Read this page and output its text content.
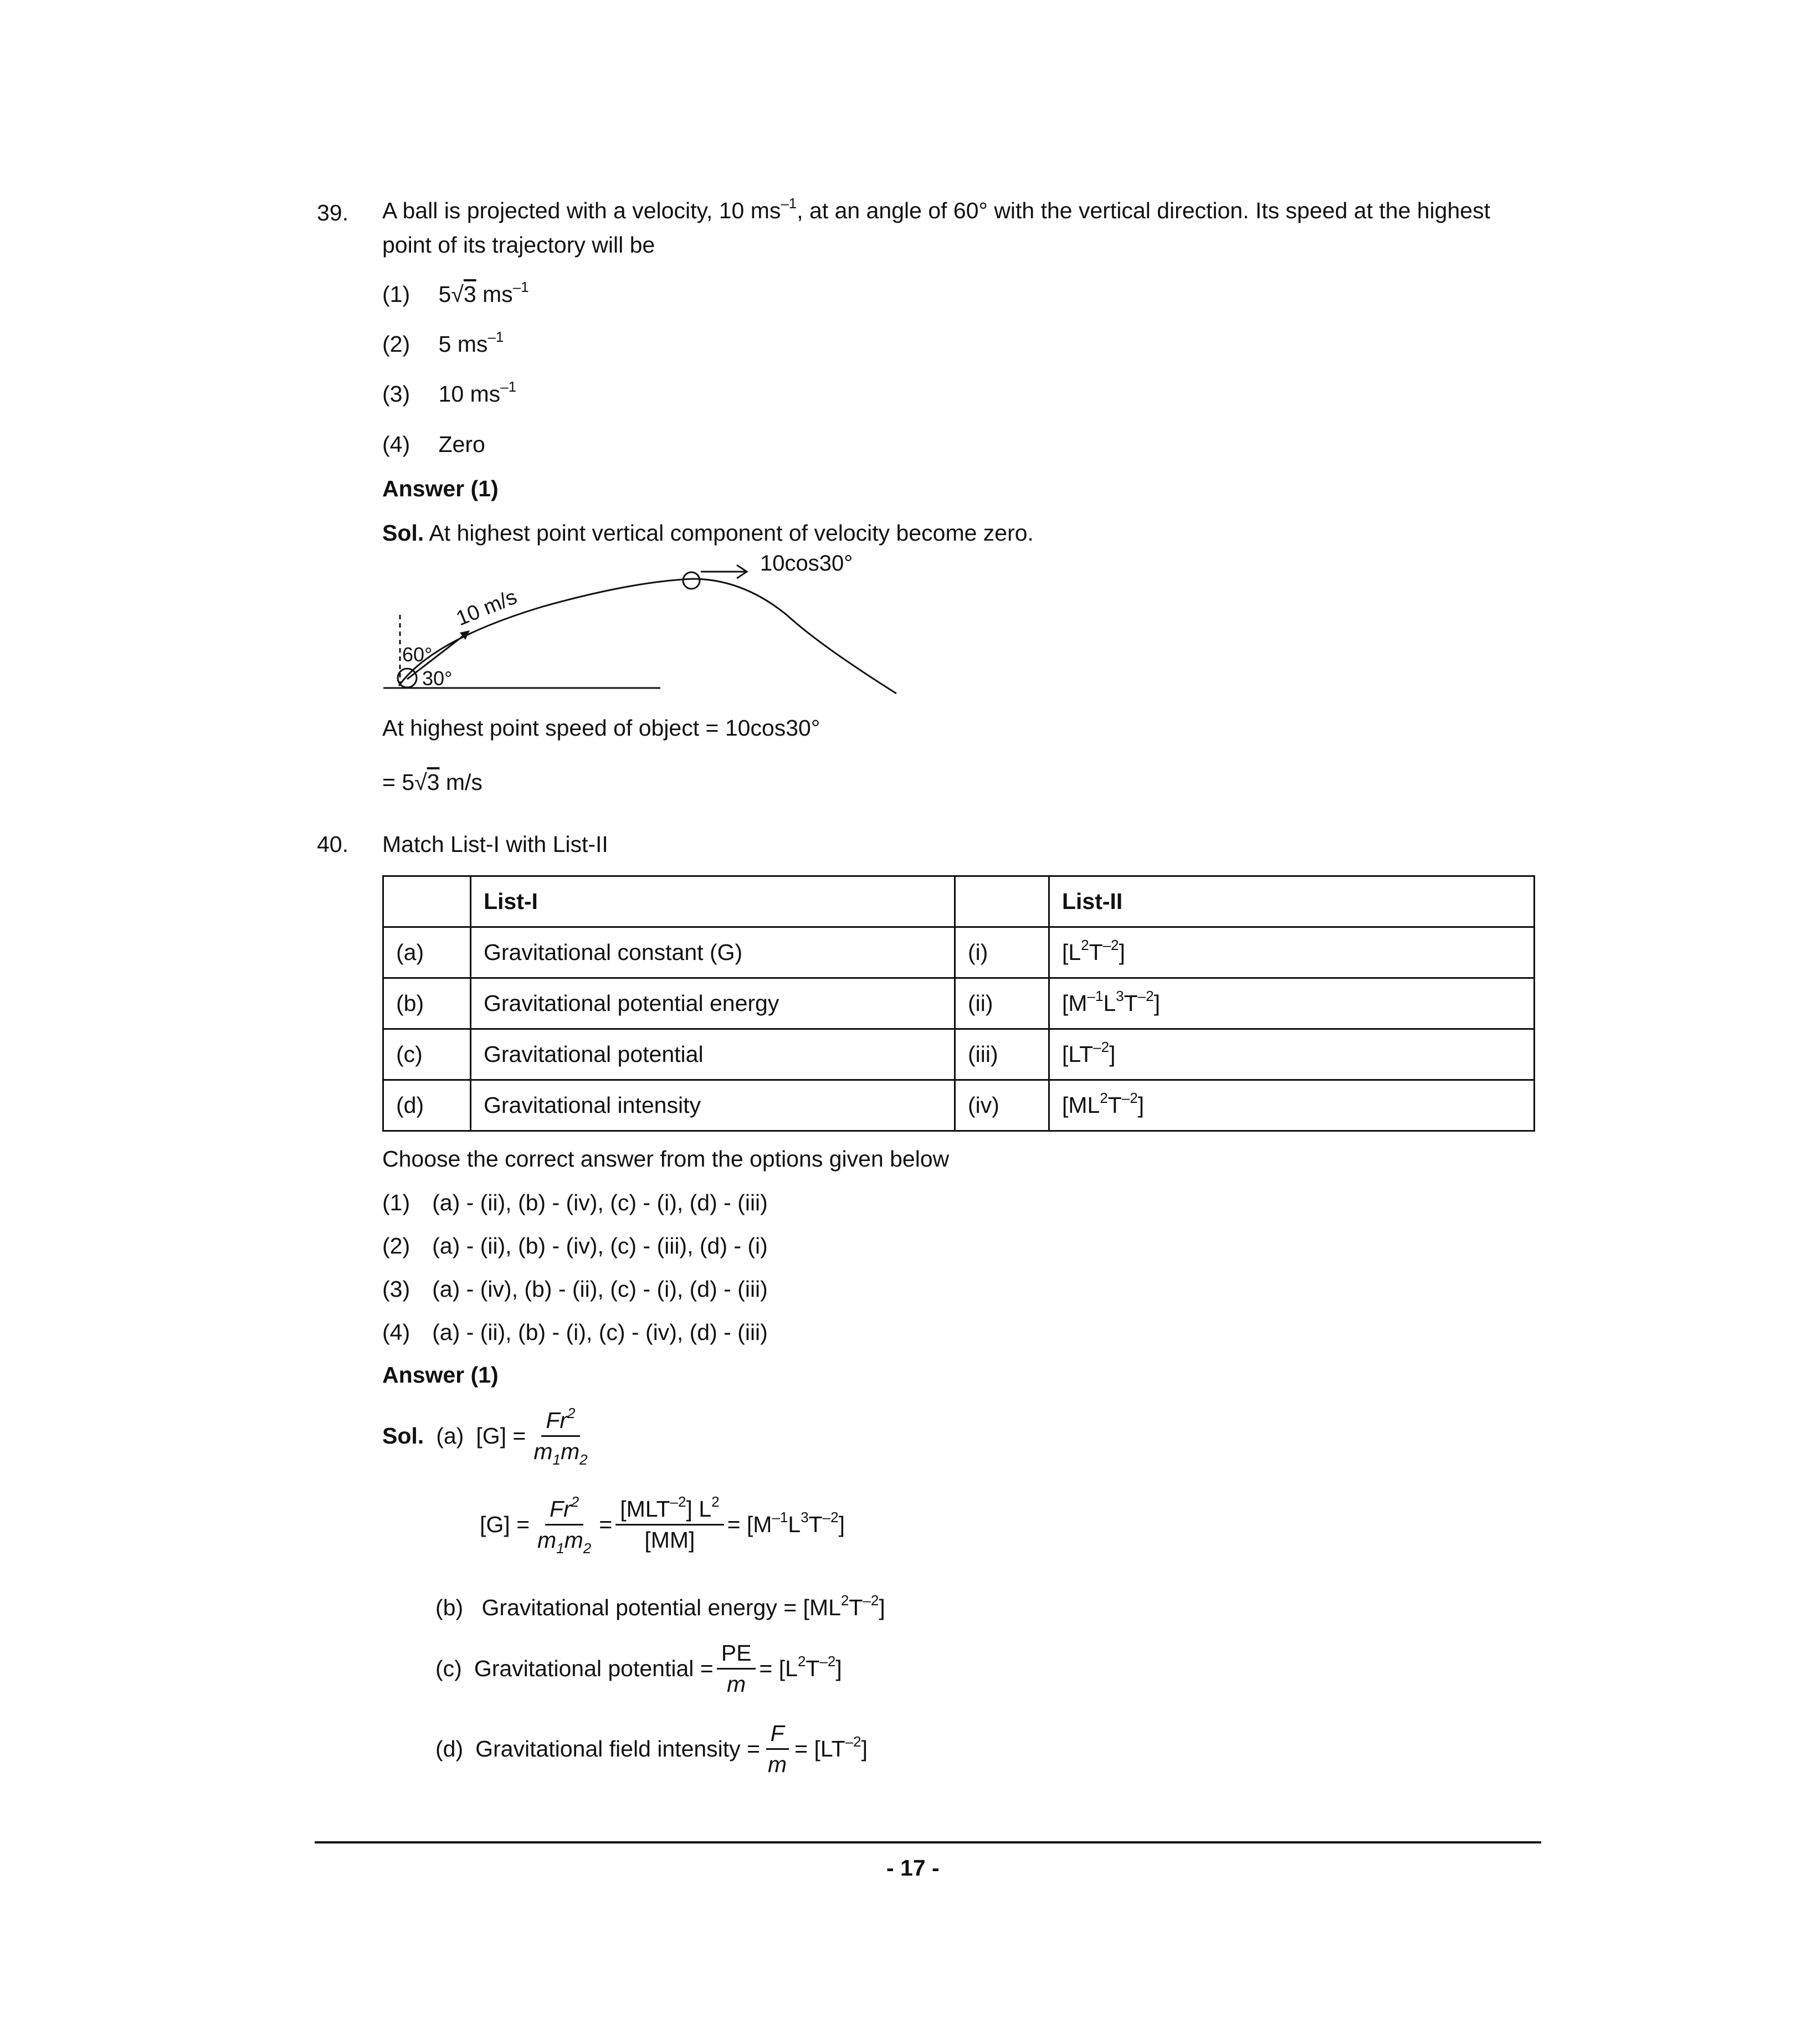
39. A ball is projected with a velocity, 10 $ms^{-1}$, at an angle of 60° with the vertical direction. Its speed at the highest
point of its trajectory will be
(1) 5√3 $ms^{-1}$
(2) 5 $ms^{-1}$
(3) 10 $ms^{-1}$
(4) Zero
Answer (1)
Sol. At highest point vertical component of velocity become zero.
10cos30°
10 m/s
60°
30°
At highest point speed of object = 10cos30°
= 5√3 m/s
40. Match List-I with List-II
	List-I		List-II
(a)	Gravitational constant (G)	(i)	$[L^2T^{-2}]$
(b)	Gravitational potential energy	(ii)	$[M^{-1}L^3T^{-2}]$
(c)	Gravitational potential	(iii)	$[LT^{-2}]$
(d)	Gravitational intensity	(iv)	$[ML^2T^{-2}]$
Choose the correct answer from the options given below
(1) (a) - (ii), (b) - (iv), (c) - (i), (d) - (iii)
(2) (a) - (ii), (b) - (iv), (c) - (iii), (d) - (i)
(3) (a) - (iv), (b) - (ii), (c) - (i), (d) - (iii)
(4) (a) - (ii), (b) - (i), (c) - (iv), (d) - (iii)
Answer (1)
Sol. (a) $[G] = \frac{Fr^2}{m_1m_2}$
$[G] = \frac{Fr^2}{m_1m_2} = \frac{[MLT^{-2}] L^2}{[MM]} = [M^{-1}L^3T^{-2}]$
(b) Gravitational potential energy = $[ML^2T^{-2}]$
(c) Gravitational potential = $\frac{PE}{m} = [L^2T^{-2}]$
(d) Gravitational field intensity = $\frac{F}{m} = [LT^{-2}]$
- 17 -
